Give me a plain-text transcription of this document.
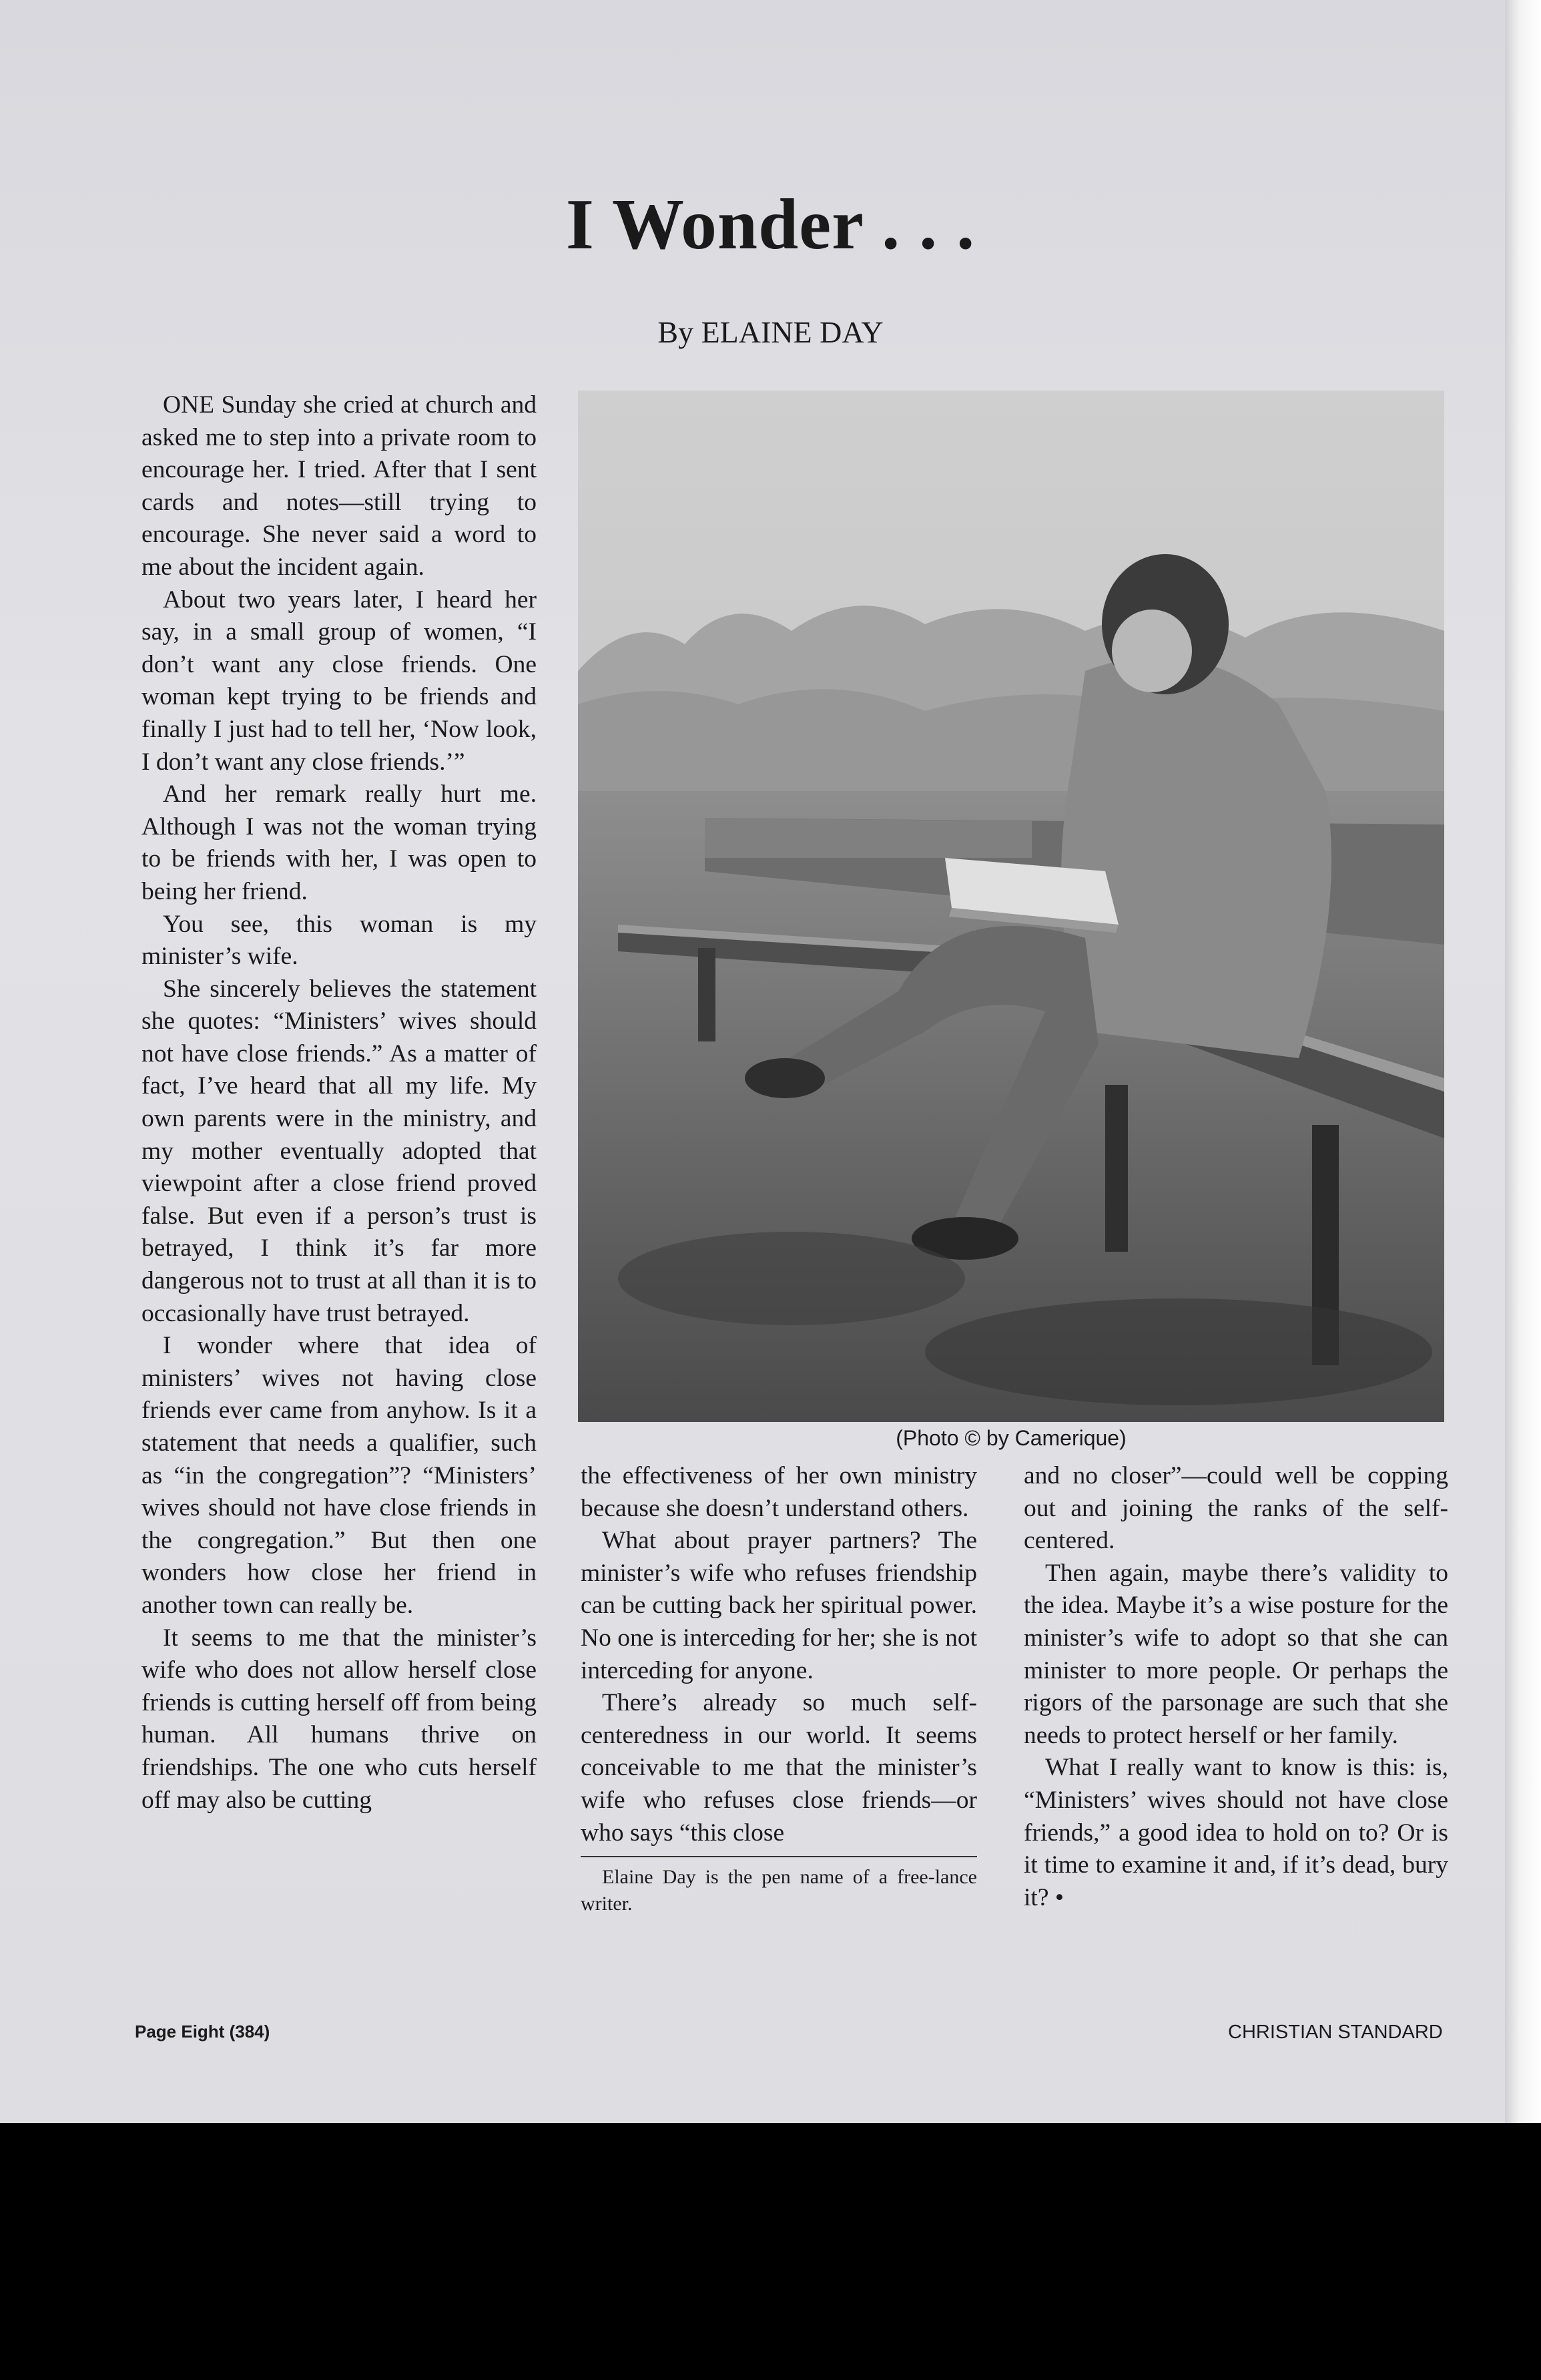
I Wonder . . .

By ELAINE DAY

ONE Sunday she cried at church and asked me to step into a private room to encourage her. I tried. After that I sent cards and notes—still trying to encourage. She never said a word to me about the incident again.

About two years later, I heard her say, in a small group of women, “I don’t want any close friends. One woman kept trying to be friends and finally I just had to tell her, ‘Now look, I don’t want any close friends.’”

And her remark really hurt me. Although I was not the woman trying to be friends with her, I was open to being her friend.

You see, this woman is my minister’s wife.

She sincerely believes the statement she quotes: “Ministers’ wives should not have close friends.” As a matter of fact, I’ve heard that all my life. My own parents were in the ministry, and my mother eventually adopted that viewpoint after a close friend proved false. But even if a person’s trust is betrayed, I think it’s far more dangerous not to trust at all than it is to occasionally have trust betrayed.

I wonder where that idea of ministers’ wives not having close friends ever came from anyhow. Is it a statement that needs a qualifier, such as “in the congregation”? “Ministers’ wives should not have close friends in the congregation.” But then one wonders how close her friend in another town can really be.

It seems to me that the minister’s wife who does not allow herself close friends is cutting herself off from being human. All humans thrive on friendships. The one who cuts herself off may also be cutting

(Photo © by Camerique)

the effectiveness of her own ministry because she doesn’t understand others.

What about prayer partners? The minister’s wife who refuses friendship can be cutting back her spiritual power. No one is interceding for her; she is not interceding for anyone.

There’s already so much self-centeredness in our world. It seems conceivable to me that the minister’s wife who refuses close friends—or who says “this close

Elaine Day is the pen name of a free-lance writer.

and no closer”—could well be copping out and joining the ranks of the self-centered.

Then again, maybe there’s validity to the idea. Maybe it’s a wise posture for the minister’s wife to adopt so that she can minister to more people. Or perhaps the rigors of the parsonage are such that she needs to protect herself or her family.

What I really want to know is this: is, “Ministers’ wives should not have close friends,” a good idea to hold on to? Or is it time to examine it and, if it’s dead, bury it? •

Page Eight (384)	CHRISTIAN STANDARD
